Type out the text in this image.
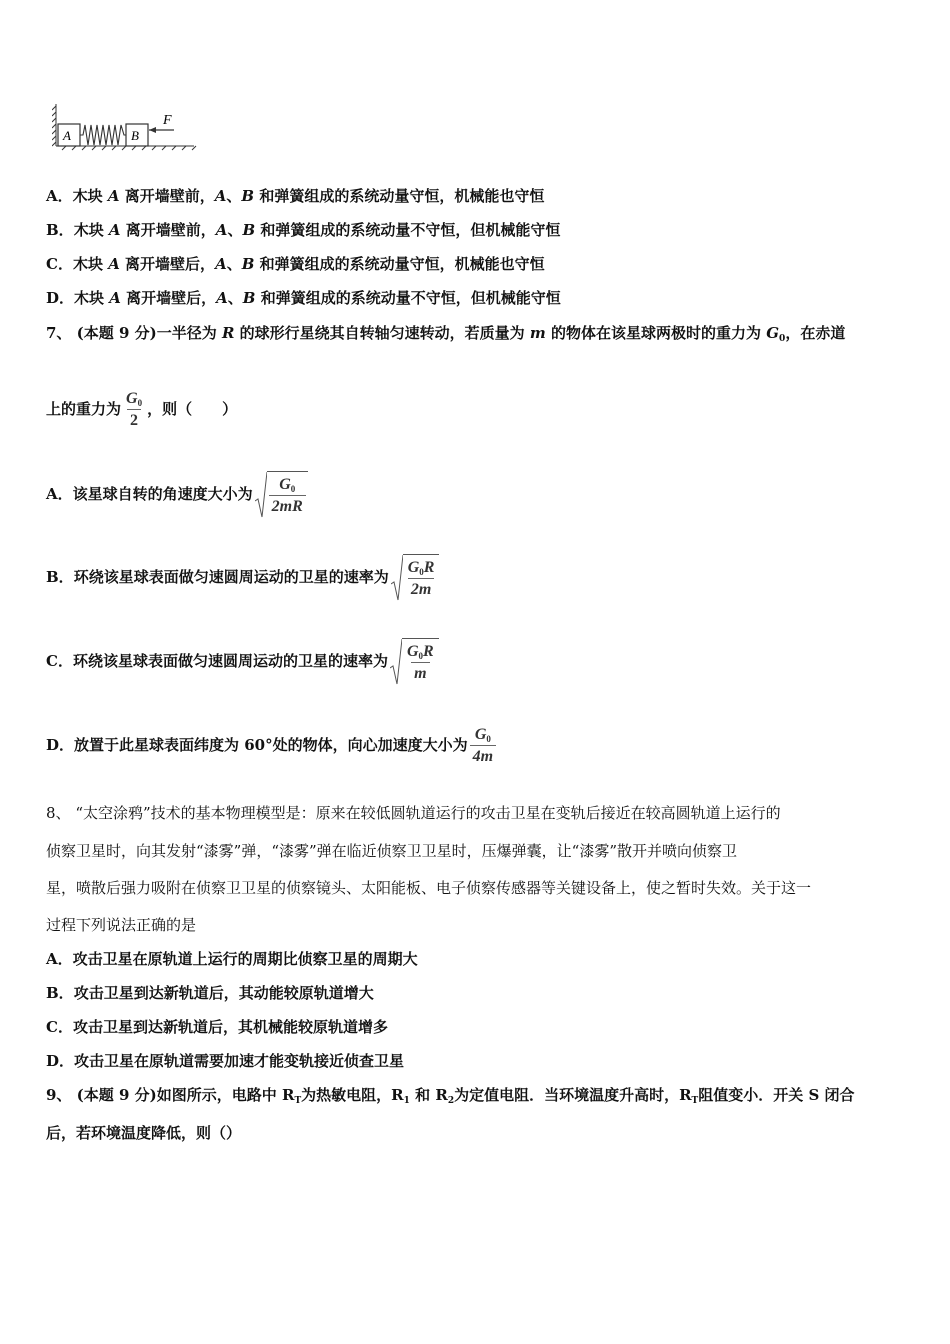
A	B
F
A．木块 A 离开墙壁前，A、B 和弹簧组成的系统动量守恒，机械能也守恒
B．木块 A 离开墙壁前，A、B 和弹簧组成的系统动量不守恒，但机械能守恒
C．木块 A 离开墙壁后，A、B 和弹簧组成的系统动量守恒，机械能也守恒
D．木块 A 离开墙壁后，A、B 和弹簧组成的系统动量不守恒，但机械能守恒
7、 (本题 9 分)一半径为 R 的球形行星绕其自转轴匀速转动，若质量为 m 的物体在该星球两极时的重力为 $G_0$，在赤道
上的重力为 $\frac{G_0}{2}$ ，则（　　）
A．该星球自转的角速度大小为 $\frac{G_0}{2mR}$
B．环绕该星球表面做匀速圆周运动的卫星的速率为 $\frac{G_0R}{2m}$
C．环绕该星球表面做匀速圆周运动的卫星的速率为 $\frac{G_0R}{m}$
D．放置于此星球表面纬度为 60°处的物体，向心加速度大小为 $\frac{G_0}{4m}$
8、 “太空涂鸦”技术的基本物理模型是：原来在较低圆轨道运行的攻击卫星在变轨后接近在较高圆轨道上运行的
侦察卫星时，向其发射“漆雾”弹，“漆雾”弹在临近侦察卫卫星时，压爆弹囊，让“漆雾”散开并喷向侦察卫
星，喷散后强力吸附在侦察卫卫星的侦察镜头、太阳能板、电子侦察传感器等关键设备上，使之暂时失效。关于这一
过程下列说法正确的是
A．攻击卫星在原轨道上运行的周期比侦察卫星的周期大
B．攻击卫星到达新轨道后，其动能较原轨道增大
C．攻击卫星到达新轨道后，其机械能较原轨道增多
D．攻击卫星在原轨道需要加速才能变轨接近侦查卫星
9、 (本题 9 分)如图所示，电路中 $R_T$为热敏电阻，$R_1$ 和 $R_2$为定值电阻．当环境温度升高时，$R_T$阻值变小．开关 S 闭合
后，若环境温度降低，则（）
